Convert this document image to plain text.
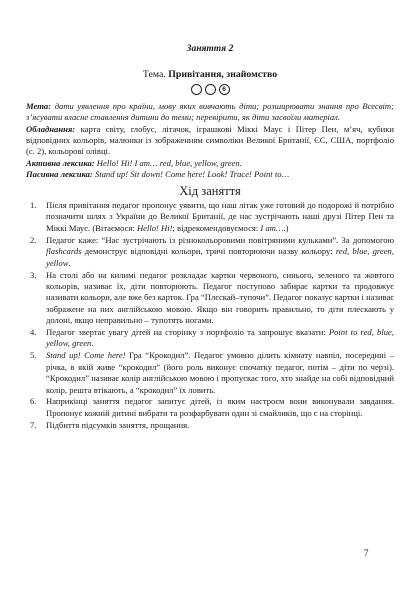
Заняття 2
Тема. Привітання, знайомство
6

Мета: дати уявлення про країни, мову яких вивчають діти; розширювати знання про Всесвіт; з’ясувати власне ставлення дитини до теми; перевірити, як діти засвоїли матеріал.

Обладнання: карта світу, глобус, літачок, іграшкові Міккі Маус і Пітер Пен, м’яч, кубики відповідних кольорів, малюнки із зображенням символіки Великої Британії, ЄС, США, портфоліо (с. 2), кольорові олівці.

Активна лексика: Hello! Hi! I am… red, blue, yellow, green.

Пасивна лексика: Stand up! Sit down! Come here! Look! Trace! Point to…

Хід заняття
1.	Після привітання педагог пропонує уявити, що наш літак уже готовий до подорожі й потрібно позначити шлях з України до Великої Британії, де нас зустрічають наші друзі Пітер Пен та Міккі Маус. (Вітаємося: Hello! Hi!; відрекомендовуємося: I am….)
2.	Педагог каже: “Нас зустрічають із різнокольоровими повітряними кульками”. За допомогою flashcards демонструє відповідні кольори, тричі повторюючи назву кольору: red, blue, green, yellow.
3.	На столі або на килимі педагог розкладає картки червоного, синього, зеленого та жовтого кольорів, називає їх, діти повторюють. Педагог поступово забирає картки та продовжує називати кольори, але вже без карток. Гра “Плєскай–тупочи”. Педагог показує картки і називає зображене на них англійською мовою. Якщо він говорить правильно, то діти плескають у долоні, якщо неправильно – тупотять ногами.
4.	Педагог звертає увагу дітей на сторінку з портфоліо та запрошує вказати: Point to red, blue, yellow, green.
5.	Stand up! Come here! Гра “Крокодил”. Педагог умовно ділить кімнату навпіл, посередині – річка, в якій живе “крокодил” (його роль виконує спочатку педагог, потім – діти по черзі). “Крокодил” називає колір англійською мовою і пропускає того, хто знайде на собі відповідний колір, решта втікають, а “крокодил” їх ловить.
6.	Наприкінці заняття педагог запитує дітей, із яким настроєм вони виконували завдання. Пропонує кожній дитині вибрати та розфарбувати один зі смайликів, що є на сторінці.
7.	Підбиття підсумків заняття, прощання.
7
